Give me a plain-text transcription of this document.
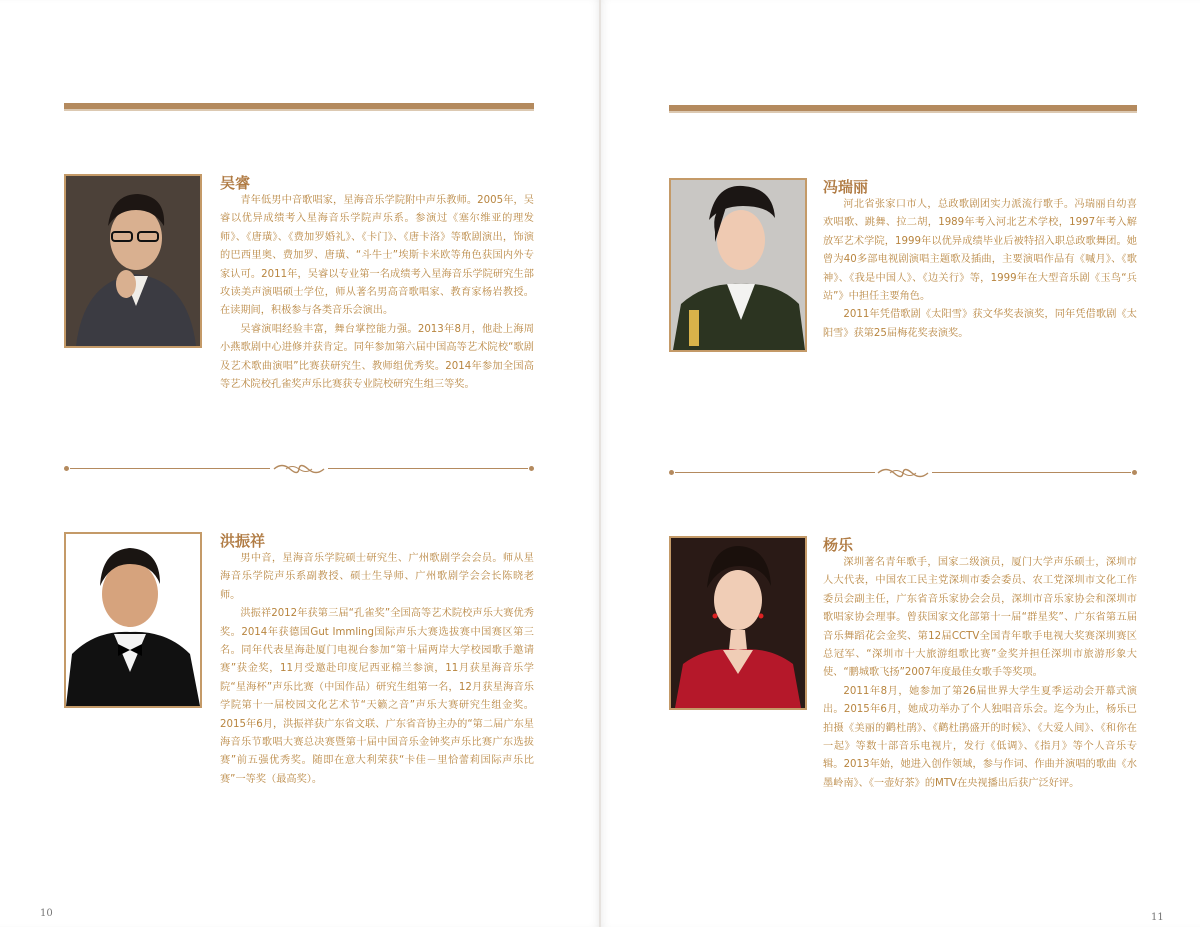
吴睿

青年低男中音歌唱家，星海音乐学院附中声乐教师。2005年，吴睿以优异成绩考入星海音乐学院声乐系。参演过《塞尔维亚的理发师》、《唐璜》、《费加罗婚礼》、《卡门》、《唐卡洛》等歌剧演出，饰演的巴西里奥、费加罗、唐璜、“斗牛士”埃斯卡米欧等角色获国内外专家认可。2011年，吴睿以专业第一名成绩考入星海音乐学院研究生部攻读美声演唱硕士学位，师从著名男高音歌唱家、教育家杨岩教授。在读期间，积极参与各类音乐会演出。

吴睿演唱经验丰富，舞台掌控能力强。2013年8月，他赴上海周小燕歌剧中心进修并获肯定。同年参加第六届中国高等艺术院校“歌剧及艺术歌曲演唱”比赛获研究生、教师组优秀奖。2014年参加全国高等艺术院校孔雀奖声乐比赛获专业院校研究生组三等奖。

洪振祥

男中音，星海音乐学院硕士研究生、广州歌剧学会会员。师从星海音乐学院声乐系副教授、硕士生导师、广州歌剧学会会长陈晓老师。

洪振祥2012年获第三届“孔雀奖”全国高等艺术院校声乐大赛优秀奖。2014年获德国Gut Immling国际声乐大赛选拔赛中国赛区第三名。同年代表星海赴厦门电视台参加“第十届两岸大学校园歌手邀请赛”获金奖，11月受邀赴印度尼西亚棉兰参演，11月获星海音乐学院“星海杯”声乐比赛（中国作品）研究生组第一名，12月获星海音乐学院第十一届校园文化艺术节“天籁之音”声乐大赛研究生组金奖。2015年6月，洪振祥获广东省文联、广东省音协主办的“第二届广东星海音乐节歌唱大赛总决赛暨第十届中国音乐金钟奖声乐比赛广东选拔赛”前五强优秀奖。随即在意大利荣获“卡佳－里恰蕾莉国际声乐比赛”一等奖（最高奖）。

10
冯瑞丽

河北省张家口市人，总政歌剧团实力派流行歌手。冯瑞丽自幼喜欢唱歌、跳舞、拉二胡，1989年考入河北艺术学校，1997年考入解放军艺术学院，1999年以优异成绩毕业后被特招入职总政歌舞团。她曾为40多部电视剧演唱主题歌及插曲，主要演唱作品有《喊月》、《歌神》、《我是中国人》、《边关行》等，1999年在大型音乐剧《玉鸟“兵站”》中担任主要角色。

2011年凭借歌剧《太阳雪》获文华奖表演奖，同年凭借歌剧《太阳雪》获第25届梅花奖表演奖。

杨乐

深圳著名青年歌手，国家二级演员，厦门大学声乐硕士，深圳市人大代表，中国农工民主党深圳市委会委员、农工党深圳市文化工作委员会副主任，广东省音乐家协会会员，深圳市音乐家协会和深圳市歌唱家协会理事。曾获国家文化部第十一届“群星奖”、广东省第五届音乐舞蹈花会金奖、第12届CCTV全国青年歌手电视大奖赛深圳赛区总冠军、“深圳市十大旅游组歌比赛”金奖并担任深圳市旅游形象大使、“鹏城歌飞扬”2007年度最佳女歌手等奖项。

2011年8月，她参加了第26届世界大学生夏季运动会开幕式演出。2015年6月，她成功举办了个人独唱音乐会。迄今为止，杨乐已拍摄《美丽的鹳杜鹃》、《鹳杜鹃盛开的时候》、《大爱人间》、《和你在一起》等数十部音乐电视片，发行《低调》、《指月》等个人音乐专辑。2013年始，她进入创作领域，参与作词、作曲并演唱的歌曲《水墨岭南》、《一壶好茶》的MTV在央视播出后获广泛好评。

11
